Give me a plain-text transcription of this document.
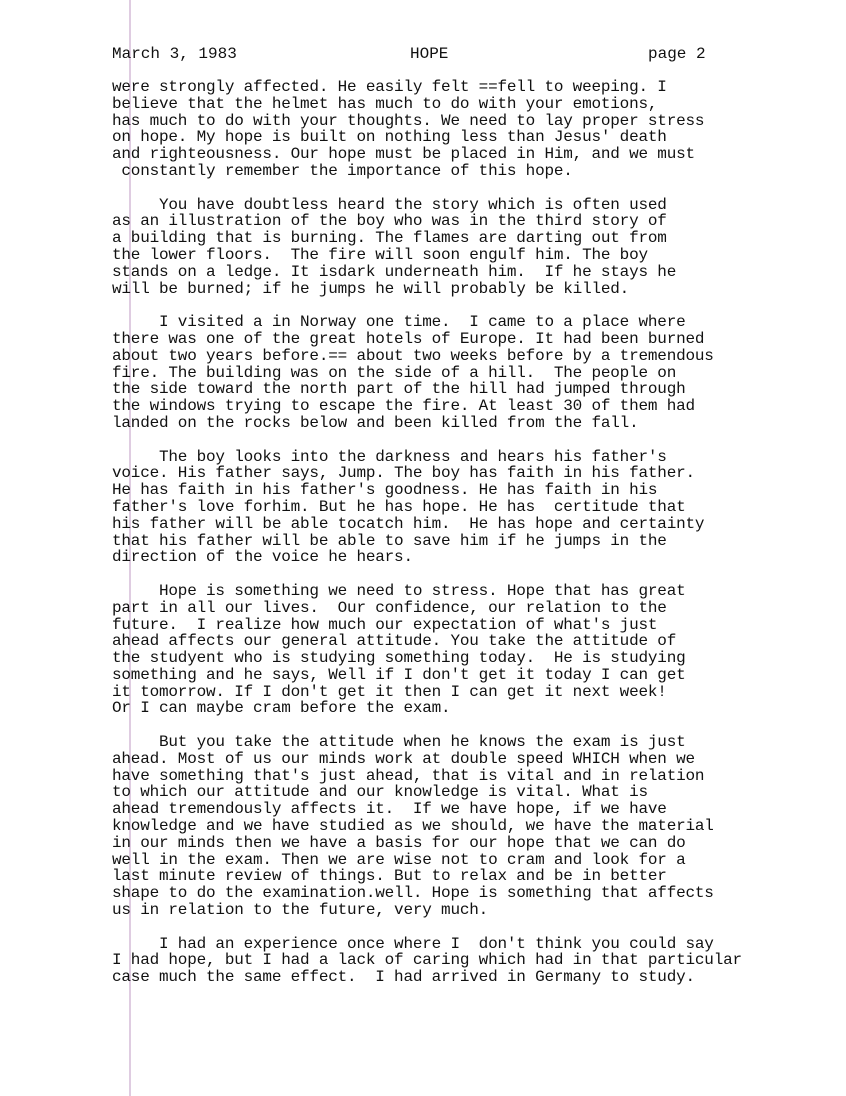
March 3, 1983

	HOPE

	page 2

were strongly affected. He easily felt ==fell to weeping. I
believe that the helmet has much to do with your emotions,
has much to do with your thoughts. We need to lay proper stress
on hope. My hope is built on nothing less than Jesus' death
and righteousness. Our hope must be placed in Him, and we must
constantly remember the importance of this hope.
You have doubtless heard the story which is often used
as an illustration of the boy who was in the third story of
a building that is burning. The flames are darting out from
the lower floors.  The fire will soon engulf him. The boy
stands on a ledge. It isdark underneath him.  If he stays he
will be burned; if he jumps he will probably be killed.
I visited a in Norway one time.  I came to a place where
there was one of the great hotels of Europe. It had been burned
about two years before.== about two weeks before by a tremendous
fire. The building was on the side of a hill.  The people on
the side toward the north part of the hill had jumped through
the windows trying to escape the fire. At least 30 of them had
landed on the rocks below and been killed from the fall.
The boy looks into the darkness and hears his father's
voice. His father says, Jump. The boy has faith in his father.
He has faith in his father's goodness. He has faith in his
father's love forhim. But he has hope. He has  certitude that
his father will be able tocatch him.  He has hope and certainty
that his father will be able to save him if he jumps in the
direction of the voice he hears.
Hope is something we need to stress. Hope that has great
part in all our lives.  Our confidence, our relation to the
future.  I realize how much our expectation of what's just
ahead affects our general attitude. You take the attitude of
the studyent who is studying something today.  He is studying
something and he says, Well if I don't get it today I can get
it tomorrow. If I don't get it then I can get it next week!
Or I can maybe cram before the exam.
But you take the attitude when he knows the exam is just
ahead. Most of us our minds work at double speed WHICH when we
have something that's just ahead, that is vital and in relation
to which our attitude and our knowledge is vital. What is
ahead tremendously affects it.  If we have hope, if we have
knowledge and we have studied as we should, we have the material
in our minds then we have a basis for our hope that we can do
well in the exam. Then we are wise not to cram and look for a
last minute review of things. But to relax and be in better
shape to do the examination.well. Hope is something that affects
us in relation to the future, very much.
I had an experience once where I  don't think you could say
I had hope, but I had a lack of caring which had in that particular
case much the same effect.  I had arrived in Germany to study.
